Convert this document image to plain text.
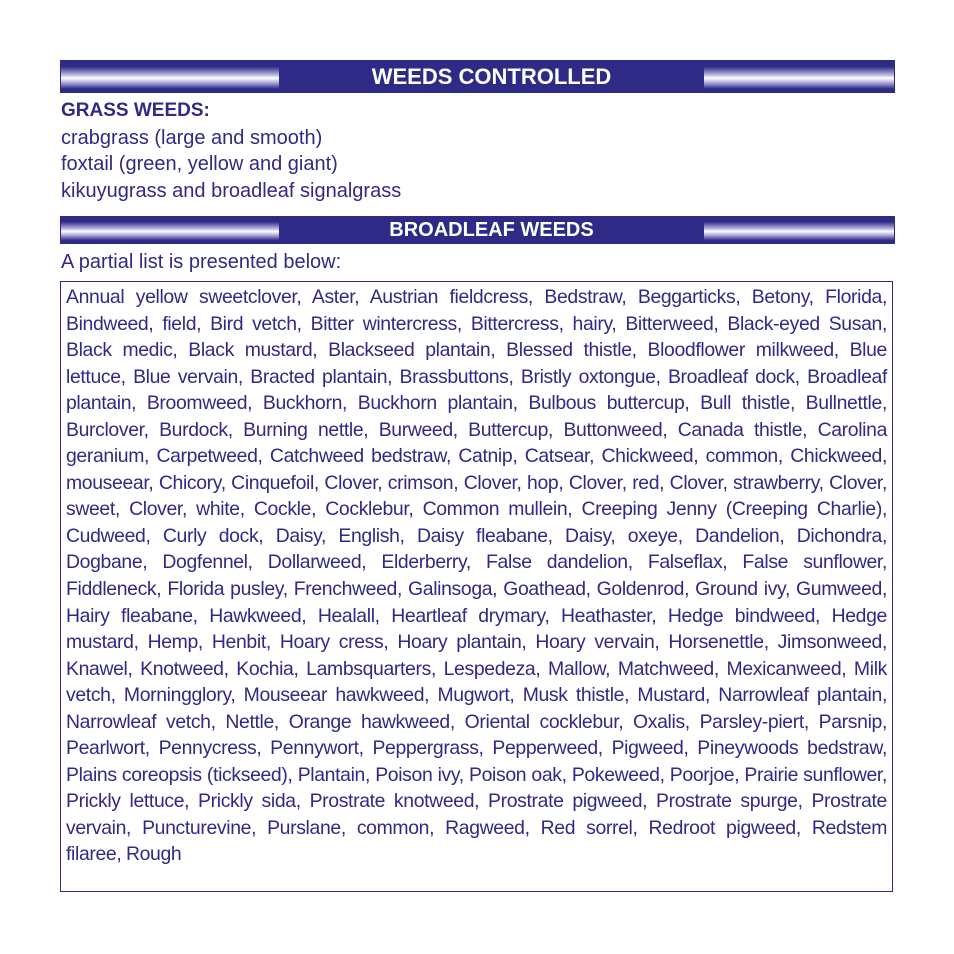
WEEDS CONTROLLED
GRASS WEEDS:
crabgrass (large and smooth)
foxtail (green, yellow and giant)
kikuyugrass and broadleaf signalgrass
BROADLEAF WEEDS
A partial list is presented below:

Annual yellow sweetclover, Aster, Austrian fieldcress, Bedstraw, Beggarticks, Betony, Florida, Bindweed, field, Bird vetch, Bitter wintercress, Bittercress, hairy, Bitterweed, Black-eyed Susan, Black medic, Black mustard, Blackseed plantain, Blessed thistle, Bloodflower milkweed, Blue lettuce, Blue vervain, Bracted plantain, Brassbuttons, Bristly oxtongue, Broadleaf dock, Broadleaf plantain, Broomweed, Buckhorn, Buckhorn plantain, Bulbous buttercup, Bull thistle, Bullnettle, Burclover, Burdock, Burning nettle, Burweed, Buttercup, Buttonweed, Canada thistle, Carolina geranium, Carpetweed, Catchweed bedstraw, Catnip, Catsear, Chickweed, common, Chickweed, mouseear, Chicory, Cinquefoil, Clover, crimson, Clover, hop, Clover, red, Clover, strawberry, Clover, sweet, Clover, white, Cockle, Cocklebur, Common mullein, Creeping Jenny (Creeping Charlie), Cudweed, Curly dock, Daisy, English, Daisy fleabane, Daisy, oxeye, Dandelion, Dichondra, Dogbane, Dogfennel, Dollarweed, Elderberry, False dandelion, Falseflax, False sunflower, Fiddleneck, Florida pusley, Frenchweed, Galinsoga, Goathead, Goldenrod, Ground ivy, Gumweed, Hairy fleabane, Hawkweed, Healall, Heartleaf drymary, Heathaster, Hedge bindweed, Hedge mustard, Hemp, Henbit, Hoary cress, Hoary plantain, Hoary vervain, Horsenettle, Jimsonweed, Knawel, Knotweed, Kochia, Lambsquarters, Lespedeza, Mallow, Matchweed, Mexicanweed, Milk vetch, Morningglory, Mouseear hawkweed, Mugwort, Musk thistle, Mustard, Narrowleaf plantain, Narrowleaf vetch, Nettle, Orange hawkweed, Oriental cocklebur, Oxalis, Parsley-piert, Parsnip, Pearlwort, Pennycress, Pennywort, Peppergrass, Pepperweed, Pigweed, Pineywoods bedstraw, Plains coreopsis (tickseed), Plantain, Poison ivy, Poison oak, Pokeweed, Poorjoe, Prairie sunflower, Prickly lettuce, Prickly sida, Prostrate knotweed, Prostrate pigweed, Prostrate spurge, Prostrate vervain, Puncturevine, Purslane, common, Ragweed, Red sorrel, Redroot pigweed, Redstem filaree, Rough
